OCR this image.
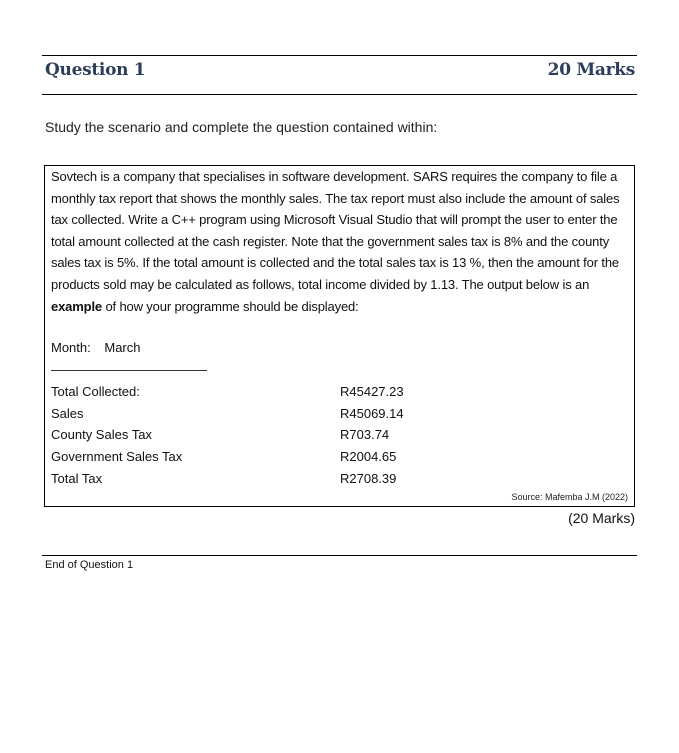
Question 1	20 Marks
Study the scenario and complete the question contained within:
Sovtech is a company that specialises in software development. SARS requires the company to file a monthly tax report that shows the monthly sales. The tax report must also include the amount of sales tax collected. Write a C++ program using Microsoft Visual Studio that will prompt the user to enter the total amount collected at the cash register. Note that the government sales tax is 8% and the county sales tax is 5%. If the total amount is collected and the total sales tax is 13 %, then the amount for the products sold may be calculated as follows, total income divided by 1.13. The output below is an example of how your programme should be displayed:
Month: March
Total Collected:	R45427.23
Sales	R45069.14
County Sales Tax	R703.74
Government Sales Tax	R2004.65
Total Tax	R2708.39
Source: Mafemba J.M (2022)
(20 Marks)
End of Question 1
